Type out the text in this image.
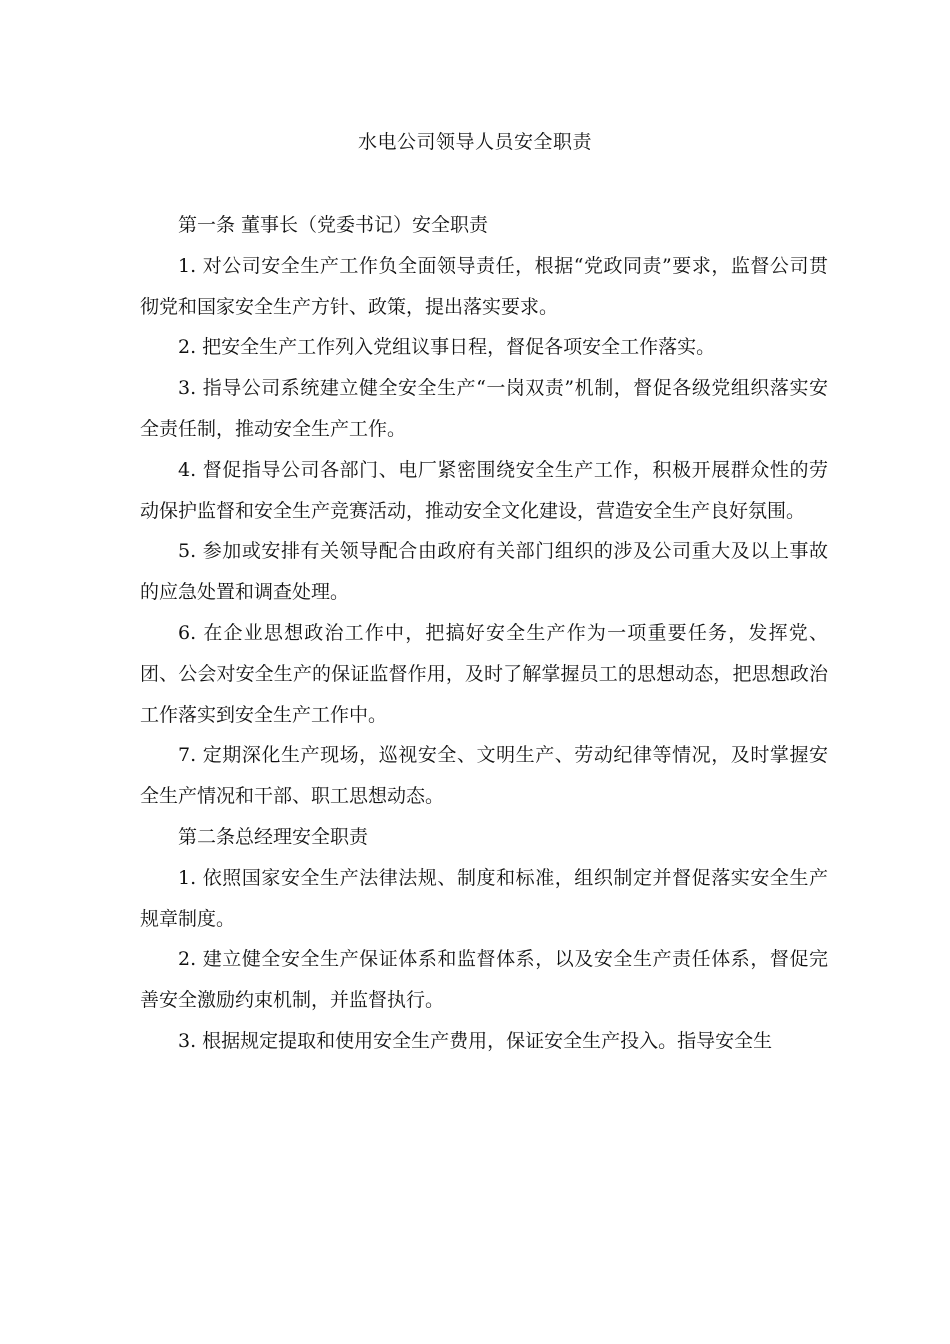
水电公司领导人员安全职责

第一条 董事长（党委书记）安全职责

1. 对公司安全生产工作负全面领导责任，根据“党政同责”要求，监督公司贯彻党和国家安全生产方针、政策，提出落实要求。

2. 把安全生产工作列入党组议事日程，督促各项安全工作落实。

3. 指导公司系统建立健全安全生产“一岗双责”机制，督促各级党组织落实安全责任制，推动安全生产工作。

4. 督促指导公司各部门、电厂紧密围绕安全生产工作，积极开展群众性的劳动保护监督和安全生产竞赛活动，推动安全文化建设，营造安全生产良好氛围。

5. 参加或安排有关领导配合由政府有关部门组织的涉及公司重大及以上事故的应急处置和调查处理。

6. 在企业思想政治工作中，把搞好安全生产作为一项重要任务，发挥党、团、公会对安全生产的保证监督作用，及时了解掌握员工的思想动态，把思想政治工作落实到安全生产工作中。

7. 定期深化生产现场，巡视安全、文明生产、劳动纪律等情况，及时掌握安全生产情况和干部、职工思想动态。

第二条总经理安全职责

1. 依照国家安全生产法律法规、制度和标准，组织制定并督促落实安全生产规章制度。

2. 建立健全安全生产保证体系和监督体系，以及安全生产责任体系，督促完善安全激励约束机制，并监督执行。

3. 根据规定提取和使用安全生产费用，保证安全生产投入。指导安全生
